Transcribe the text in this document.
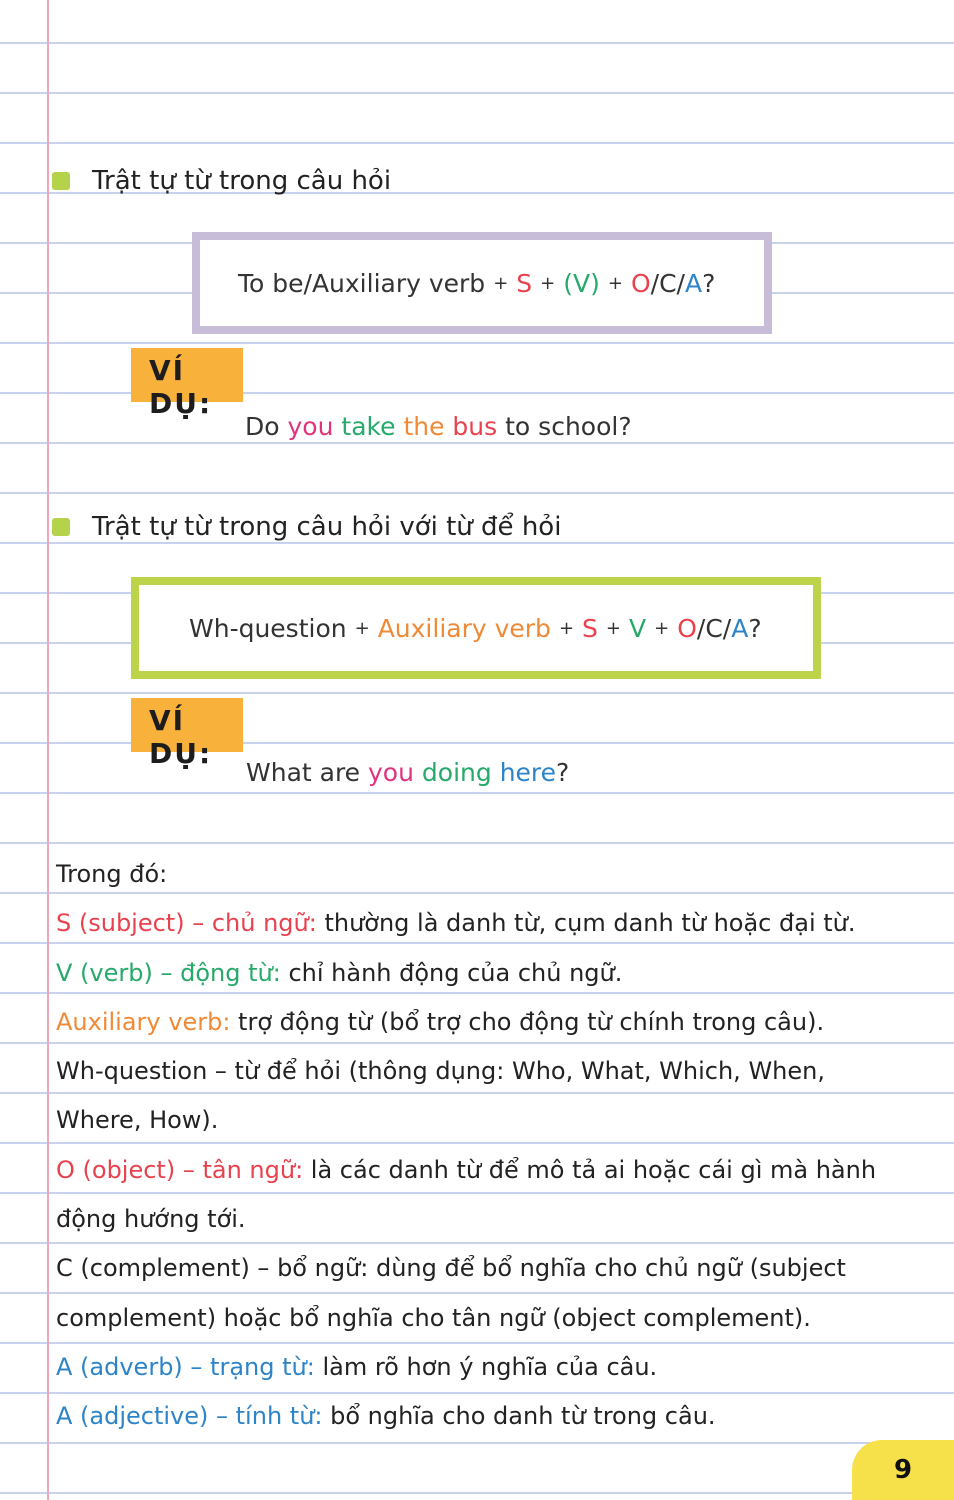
Trật tự từ trong câu hỏi
To be/Auxiliary verb + S + (V) + O / C / A ?
VÍ DỤ:
Do you take the bus to school?
Trật tự từ trong câu hỏi với từ để hỏi
Wh-question + Auxiliary verb + S + V + O / C / A ?
VÍ DỤ:
What are you doing here?
Trong đó:
S (subject) – chủ ngữ: thường là danh từ, cụm danh từ hoặc đại từ.
V (verb) – động từ: chỉ hành động của chủ ngữ.
Auxiliary verb: trợ động từ (bổ trợ cho động từ chính trong câu).
Wh-question – từ để hỏi (thông dụng: Who, What, Which, When,
Where, How).
O (object) – tân ngữ: là các danh từ để mô tả ai hoặc cái gì mà hành
động hướng tới.
C (complement) – bổ ngữ: dùng để bổ nghĩa cho chủ ngữ (subject
complement) hoặc bổ nghĩa cho tân ngữ (object complement).
A (adverb) – trạng từ: làm rõ hơn ý nghĩa của câu.
A (adjective) – tính từ: bổ nghĩa cho danh từ trong câu.
9
